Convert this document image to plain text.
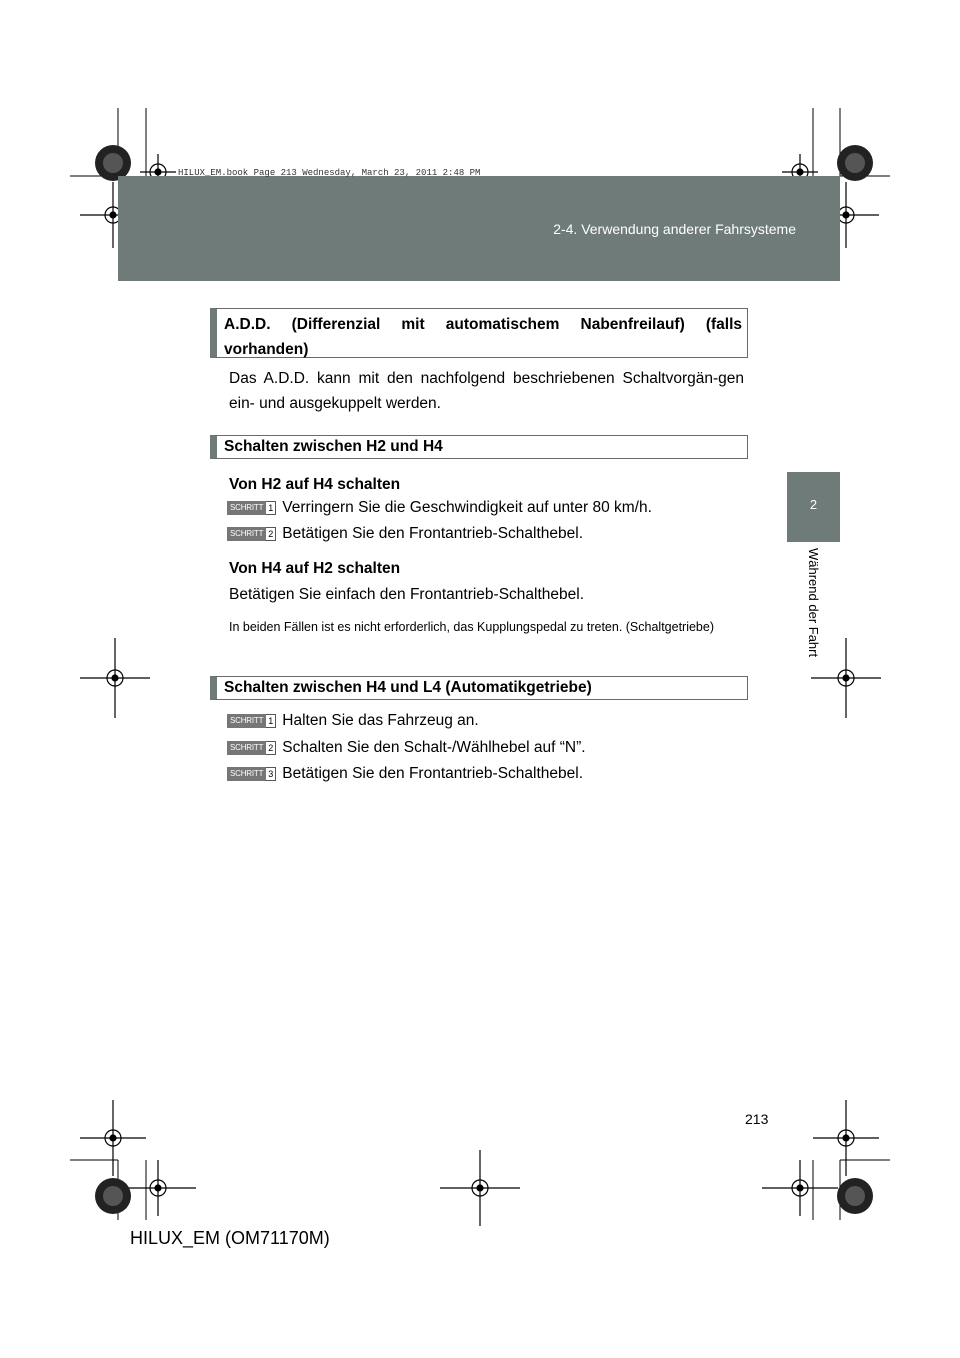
HILUX_EM.book Page 213 Wednesday, March 23, 2011 2:48 PM
2-4. Verwendung anderer Fahrsysteme
2
Während der Fahrt
A.D.D. (Differenzial mit automatischem Nabenfreilauf) (falls vorhanden)
Das A.D.D. kann mit den nachfolgend beschriebenen Schaltvorgän-gen ein- und ausgekuppelt werden.
Schalten zwischen H2 und H4
Von H2 auf H4 schalten
SCHRITT 1 Verringern Sie die Geschwindigkeit auf unter 80 km/h.
SCHRITT 2 Betätigen Sie den Frontantrieb-Schalthebel.
Von H4 auf H2 schalten
Betätigen Sie einfach den Frontantrieb-Schalthebel.
In beiden Fällen ist es nicht erforderlich, das Kupplungspedal zu treten. (Schaltgetriebe)
Schalten zwischen H4 und L4 (Automatikgetriebe)
SCHRITT 1 Halten Sie das Fahrzeug an.
SCHRITT 2 Schalten Sie den Schalt-/Wählhebel auf “N”.
SCHRITT 3 Betätigen Sie den Frontantrieb-Schalthebel.
213
HILUX_EM (OM71170M)
